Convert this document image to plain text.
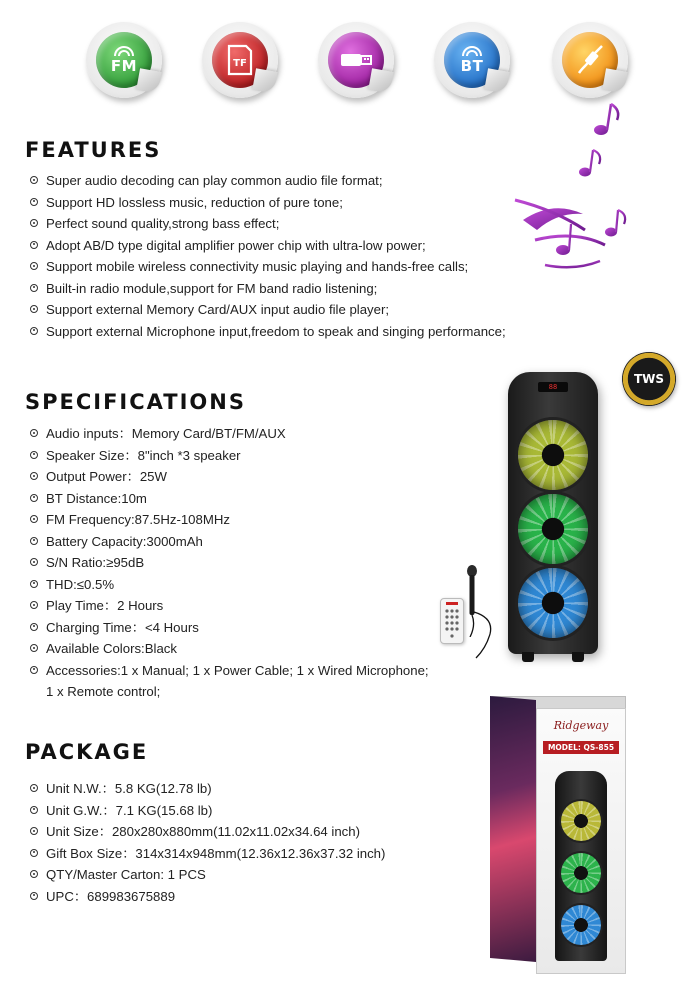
FM	TF	BT
FEATURES
Super audio decoding can play common audio file format;
Support HD lossless music, reduction of pure tone;
Perfect sound quality,strong bass effect;
Adopt AB/D type digital amplifier power chip with ultra-low power;
Support mobile wireless connectivity music playing and hands-free calls;
Built-in radio module,support for FM band radio listening;
Support external Memory Card/AUX input audio file player;
Support external Microphone input,freedom to speak and singing performance;
SPECIFICATIONS
Audio inputs：Memory Card/BT/FM/AUX
Speaker Size：8"inch *3 speaker
Output Power：25W
BT Distance:10m
FM Frequency:87.5Hz-108MHz
Battery Capacity:3000mAh
S/N Ratio:≥95dB
THD:≤0.5%
Play Time：2 Hours
Charging Time：<4 Hours
Available Colors:Black
Accessories:1 x Manual; 1 x Power Cable; 1 x Wired Microphone;
1 x Remote control;
TWS
88
PACKAGE
Unit N.W.：5.8 KG(12.78 lb)
Unit G.W.：7.1 KG(15.68 lb)
Unit Size：280x280x880mm(11.02x11.02x34.64 inch)
Gift Box Size：314x314x948mm(12.36x12.36x37.32 inch)
QTY/Master Carton: 1 PCS
UPC：689983675889
Ridgeway
MODEL: QS-855
